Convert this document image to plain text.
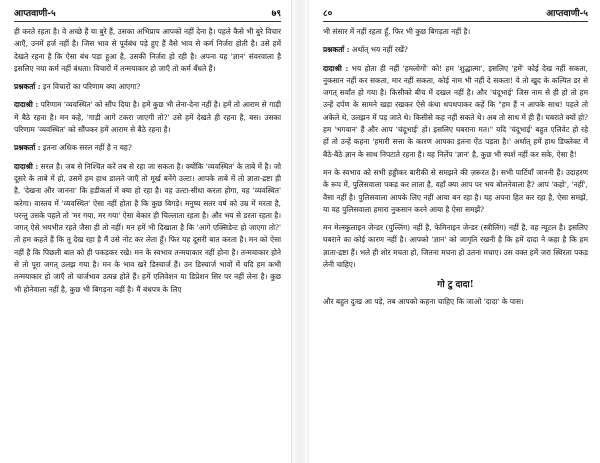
आप्तवाणी-५	७९

ही करते रहता है। वे अच्छे हैं या बुरे हैं, उसका अभिप्राय आपको नहीं देना है। पहले कैसे भी बुरे विचार आएँ, उनमें हर्ज नहीं है। जिस भाव से पूर्वबंध पड़े हुए हैं वैसे भाव से कर्म निर्जरा होती है। उसे हमें देखते रहना है कि ऐसा बंध पड़ा हुआ है, उसकी निर्जरा हो रही है। अपना यह 'ज्ञान' संवरवाला है इसलिए नया कर्म नहीं बंधता। विचारों में तन्मयाकार हो जाएँ तो कर्म बँधते हैं।

प्रश्नकर्ता : इन विचारों का परिणाम क्या आएगा?

दादाश्री : परिणाम 'व्यवस्थित' को सौंप दिया है। हमें कुछ भी लेना-देना नहीं है। हमें तो आराम से गाड़ी में बैठे रहना है। मन कहे, 'गाड़ी आगे टकरा जाएगी तो?' उसे हमें देखते ही रहना है, बस। उसका परिणाम 'व्यवस्थित' को सौंपकर हमें आराम से बैठे रहना है।

प्रश्नकर्ता : इतना अधिक सरल नहीं है न यह?

दादाश्री : सरल है। जब से निश्चित करें तब से रहा जा सकता है। क्योंकि 'व्यवस्थित' के ताबे में है। जो दूसरे के ताबे में हो, उसमें हम हाथ डालने जाएँ तो मूर्ख बनेंगे उल्टा। आपके ताबे में तो ज्ञाता-द्रष्टा ही है, 'देखना और जानना' कि हडीकर्ता में क्या हो रहा है। वह उल्टा-सीधा करता होगा, वह 'व्यवस्थित' करेगा। वास्तव में 'व्यवस्थित' ऐसा नहीं होता है कि कुछ बिगड़े। मनुष्य सतर वर्ष को उम्र में मरता है, परन्तु उसके पहले तो 'मर गया, मर गया' ऐसा बेकार ही चिल्लाता रहता है। और भय से डरता रहता है। जगत्‌ ऐसे भयभीत रहते जैसा ही तो नहीं। मन हमें भी दिखाता है कि 'आगे एक्सिडेन्ट हो जाएगा तो?' तो हम कहते हैं कि तू देख रहा है मैं उसे नोट कर लेता हूँ। फिर यह दूसरी बात करता है। मन को ऐसा नहीं है कि पिछली बात को ही पकड़कर रखे। मन के स्वभाव तन्मयाकार नहीं होना है। तन्मयाकार होने से तो पूरा जगत्‌ उलझ गया है। मन के भाव खरे डिस्चार्ज हैं। उन डिस्चार्ज भावों में यदि हम कभी तन्मयाकार हो जाएँ तो चार्जभाव उत्पन्न होते हैं। हमें एलिवेशन या डिप्रेशन सिर पर नहीं लेना है। कुछ भी होनेवाला नहीं है, कुछ भी बिगड़ना नहीं है। मैं बंधपत्र के लिए

८०	आप्तवाणी-५

भी संसार में नहीं रहता हूँ, फिर भी कुछ बिगड़ता नहीं है।

प्रश्नकर्ता : अर्थात्‌ भय नहीं रखें?

दादाश्री : भय होता ही नहीं 'हमलोगों' को! हम 'शुद्धात्मा', इसलिए 'हमें' कोई देख नहीं सकता, नुकसान नहीं कर सकता, मार नहीं सकता, कोई नाम भी नहीं दे सकता! ये तो खुद के कल्पित डर से जगत्‌ सर्वांत हो गया है। किसीको बीच में दखल नहीं है। और 'चंदूभाई' जिस नाम से ही हो तो हम उन्हें दर्पण के सामने खड़ा रखकर ऐसे कंधा थपथपाकर कहें कि "हम हैं न आपके साथ! पहले तो अकेले थे, उलझन में पड़ जाते थे। किसीसे कह नहीं सकते थे। अब तो साथ में ही हैं। घबराते क्यों हो? हम 'भगवान' हैं और आप 'चंदूभाई' हो। इसलिए घबराना मत।" यदि 'चंदूभाई' बहुत एलिवेट हो रहे हों तो उन्हें कहना 'हमारी सत्ता के कारण आपका इतना ऐंठ पड़ता है।' अर्थात्‌ हमें हाथ डिफ्लेक्ट में बैठे-बैठे ज्ञान के साथ निपटाते रहना है। यह निर्लेप 'ज्ञान' है, कुछ भी स्पर्श नहीं कर सके, ऐसा है!

मन के स्वभाव को सभी हड्डीकर बारीकी से समझने की ज़रूरत है। सभी पार्टियाँ जाननी हैं। उदाहरण के रूप में, पुलिसवाला पकड़ कर लाता है, वहाँ क्या आप पर भय बोलनेवाला है? आप 'कहो', 'नहीं', वैसा नहीं है। पुलिसवाला आपके लिए नहीं आया बन रहा है। यह अपना हित कर रहा है, ऐसा समझें, या यह पुलिसवाला हमारा नुकसान करने आया है ऐसा समझें?

मन मेल्स्कुलाइन जेन्डर (पुल्लिंग) नहीं है, फेमिनाइन जेन्डर (स्त्रीलिंग) नहीं है, वह न्यूटल है। इसलिए घबराने का कोई कारण नहीं है। आपको 'ज्ञान' को जागृति रखनी है कि हमें दादा ने कहा है कि हम ज्ञाता-द्रष्टा हैं। भले ही शोर मचता हो, जितना मचना हो उतना मचाए। उस वक्त हमें जरा स्थिरता पकड़ लेनी चाहिए।

गो टु दादा!

और बहुत दुःख आ पड़े, तब आपको कहना चाहिए कि जाओ 'दादा' के पास।
